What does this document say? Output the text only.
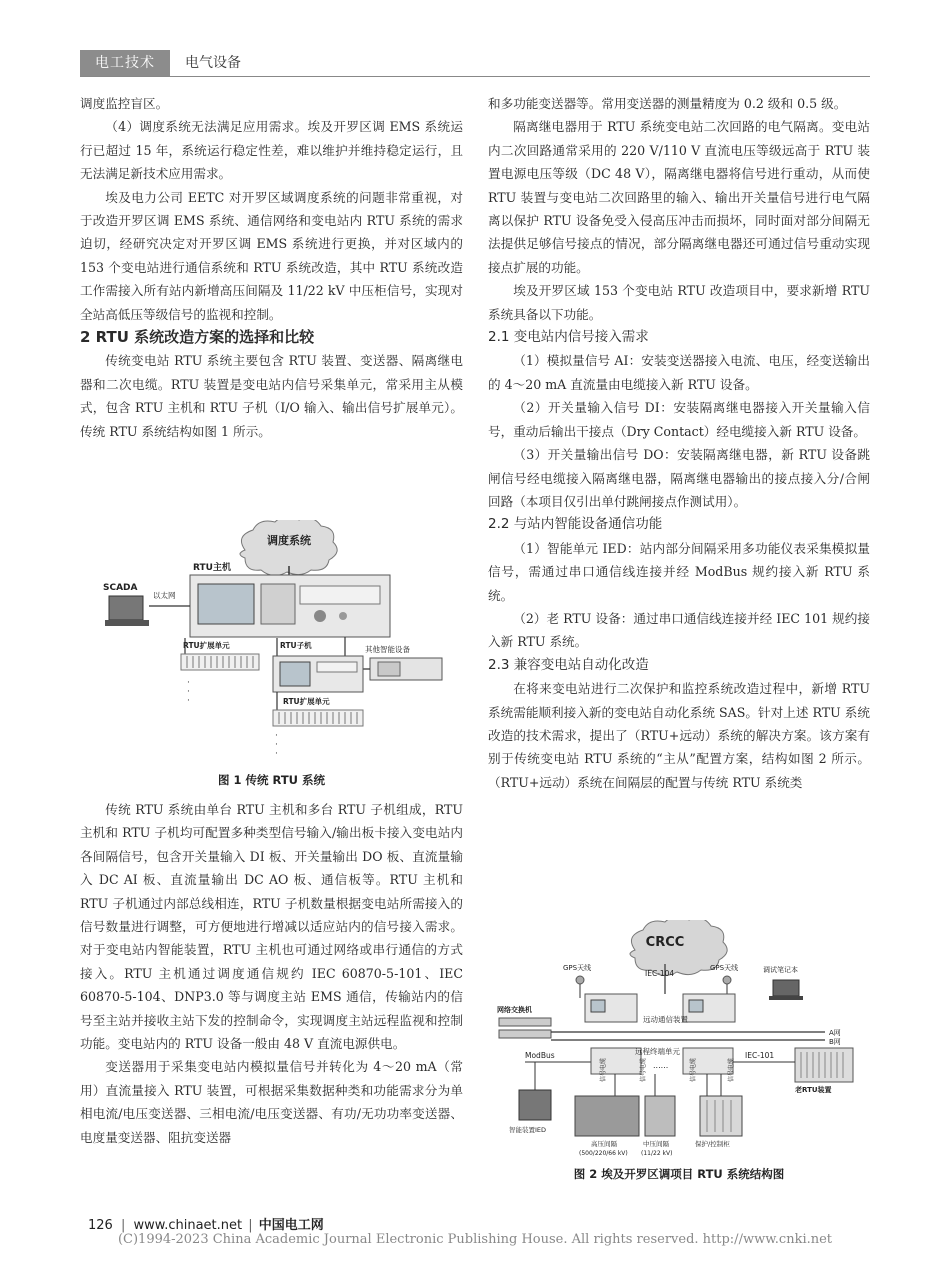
电工技术	电气设备

调度监控盲区。

（4）调度系统无法满足应用需求。埃及开罗区调 EMS 系统运行已超过 15 年，系统运行稳定性差，难以维护并维持稳定运行，且无法满足新技术应用需求。

埃及电力公司 EETC 对开罗区域调度系统的问题非常重视，对于改造开罗区调 EMS 系统、通信网络和变电站内 RTU 系统的需求迫切，经研究决定对开罗区调 EMS 系统进行更换，并对区域内的 153 个变电站进行通信系统和 RTU 系统改造，其中 RTU 系统改造工作需接入所有站内新增高压间隔及 11/22 kV 中压柜信号，实现对全站高低压等级信号的监视和控制。

2 RTU 系统改造方案的选择和比较

传统变电站 RTU 系统主要包含 RTU 装置、变送器、隔离继电器和二次电缆。RTU 装置是变电站内信号采集单元，常采用主从模式，包含 RTU 主机和 RTU 子机（I/O 输入、输出信号扩展单元）。传统 RTU 系统结构如图 1 所示。

调度系统
RTU主机
SCADA
以太网
其他智能设备
RTU扩展单元
·
·
·
RTU子机
RTU扩展单元
·
·
·
图 1 传统 RTU 系统

传统 RTU 系统由单台 RTU 主机和多台 RTU 子机组成，RTU 主机和 RTU 子机均可配置多种类型信号输入/输出板卡接入变电站内各间隔信号，包含开关量输入 DI 板、开关量输出 DO 板、直流量输入 DC AI 板、直流量输出 DC AO 板、通信板等。RTU 主机和 RTU 子机通过内部总线相连，RTU 子机数量根据变电站所需接入的信号数量进行调整，可方便地进行增减以适应站内的信号接入需求。对于变电站内智能装置，RTU 主机也可通过网络或串行通信的方式接入。RTU 主机通过调度通信规约 IEC 60870-5-101、IEC 60870-5-104、DNP3.0 等与调度主站 EMS 通信，传输站内的信号至主站并接收主站下发的控制命令，实现调度主站远程监视和控制功能。变电站内的 RTU 设备一般由 48 V 直流电源供电。

变送器用于采集变电站内模拟量信号并转化为 4～20 mA（常用）直流量接入 RTU 装置，可根据采集数据种类和功能需求分为单相电流/电压变送器、三相电流/电压变送器、有功/无功功率变送器、电度量变送器、阻抗变送器

和多功能变送器等。常用变送器的测量精度为 0.2 级和 0.5 级。

隔离继电器用于 RTU 系统变电站二次回路的电气隔离。变电站内二次回路通常采用的 220 V/110 V 直流电压等级远高于 RTU 装置电源电压等级（DC 48 V），隔离继电器将信号进行重动，从而使 RTU 装置与变电站二次回路里的输入、输出开关量信号进行电气隔离以保护 RTU 设备免受入侵高压冲击而损坏，同时面对部分间隔无法提供足够信号接点的情况，部分隔离继电器还可通过信号重动实现接点扩展的功能。

埃及开罗区域 153 个变电站 RTU 改造项目中，要求新增 RTU 系统具备以下功能。

2.1 变电站内信号接入需求

（1）模拟量信号 AI：安装变送器接入电流、电压，经变送输出的 4～20 mA 直流量由电缆接入新 RTU 设备。

（2）开关量输入信号 DI：安装隔离继电器接入开关量输入信号，重动后输出干接点（Dry Contact）经电缆接入新 RTU 设备。

（3）开关量输出信号 DO：安装隔离继电器，新 RTU 设备跳闸信号经电缆接入隔离继电器，隔离继电器输出的接点接入分/合闸回路（本项目仅引出单付跳闸接点作测试用）。

2.2 与站内智能设备通信功能

（1）智能单元 IED：站内部分间隔采用多功能仪表采集模拟量信号，需通过串口通信线连接并经 ModBus 规约接入新 RTU 系统。

（2）老 RTU 设备：通过串口通信线连接并经 IEC 101 规约接入新 RTU 系统。

2.3 兼容变电站自动化改造

在将来变电站进行二次保护和监控系统改造过程中，新增 RTU 系统需能顺利接入新的变电站自动化系统 SAS。针对上述 RTU 系统改造的技术需求，提出了（RTU+远动）系统的解决方案。该方案有别于传统变电站 RTU 系统的“主从”配置方案，结构如图 2 所示。（RTU+远动）系统在间隔层的配置与传统 RTU 系统类

CRCC
GPS天线
IEC-104
GPS天线	调试笔记本
远动通信装置
网络交换机
A网
B网
老RTU装置
ModBus	远程终端单元
......
IEC-101
信号电缆	信号电缆	信号电缆	信号电缆
智能装置IED
高压间隔
(500/220/66 kV)
中压间隔
(11/22 kV)
保护/控制柜
图 2 埃及开罗区调项目 RTU 系统结构图
126 | www.chinaet.net | 中国电工网
(C)1994-2023 China Academic Journal Electronic Publishing House. All rights reserved. http://www.cnki.net
